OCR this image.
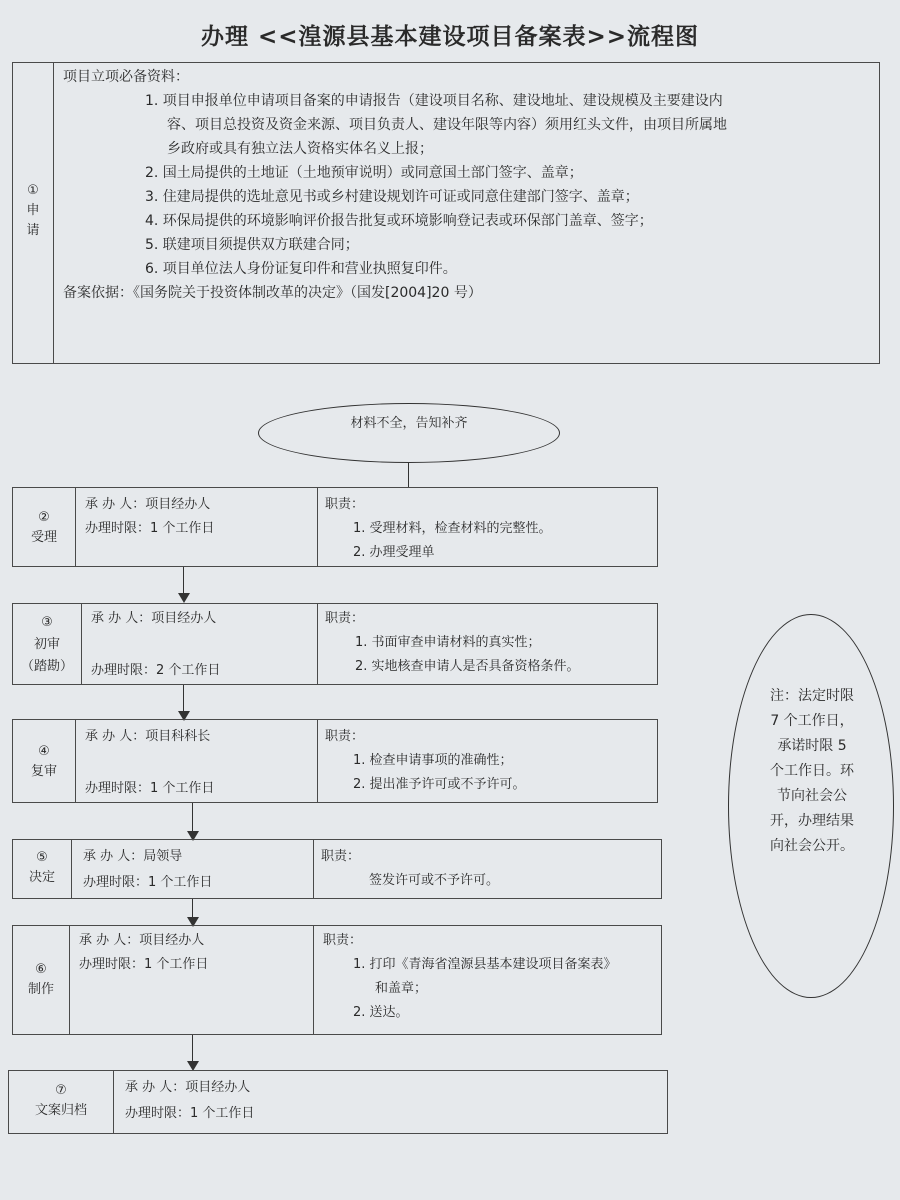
办理 <<湟源县基本建设项目备案表>>流程图
①
申
请
项目立项必备资料：
1. 项目申报单位申请项目备案的申请报告（建设项目名称、建设地址、建设规模及主要建设内
容、项目总投资及资金来源、项目负责人、建设年限等内容）须用红头文件，由项目所属地
乡政府或具有独立法人资格实体名义上报；
2. 国土局提供的土地证（土地预审说明）或同意国土部门签字、盖章；
3. 住建局提供的选址意见书或乡村建设规划许可证或同意住建部门签字、盖章；
4. 环保局提供的环境影响评价报告批复或环境影响登记表或环保部门盖章、签字；
5. 联建项目须提供双方联建合同；
6. 项目单位法人身份证复印件和营业执照复印件。
备案依据：《国务院关于投资体制改革的决定》（国发[2004]20 号）
材料不全，告知补齐
②
受理
承 办 人：项目经办人
办理时限：1 个工作日
职责：
1. 受理材料，检查材料的完整性。
2. 办理受理单
③
初审
（踏勘）
承 办 人：项目经办人
办理时限：2 个工作日
职责：
1. 书面审查申请材料的真实性；
2. 实地核查申请人是否具备资格条件。
④
复审
承 办 人：项目科科长
办理时限：1 个工作日
职责：
1. 检查申请事项的准确性；
2. 提出准予许可或不予许可。
⑤
决定
承 办 人：局领导
办理时限：1 个工作日
职责：
签发许可或不予许可。
⑥
制作
承 办 人：项目经办人
办理时限：1 个工作日
职责：
1. 打印《青海省湟源县基本建设项目备案表》
和盖章；
2. 送达。
⑦
文案归档
承 办 人：项目经办人
办理时限：1 个工作日
注：法定时限
7 个工作日，
承诺时限 5
个工作日。环
节向社会公
开，办理结果
向社会公开。
